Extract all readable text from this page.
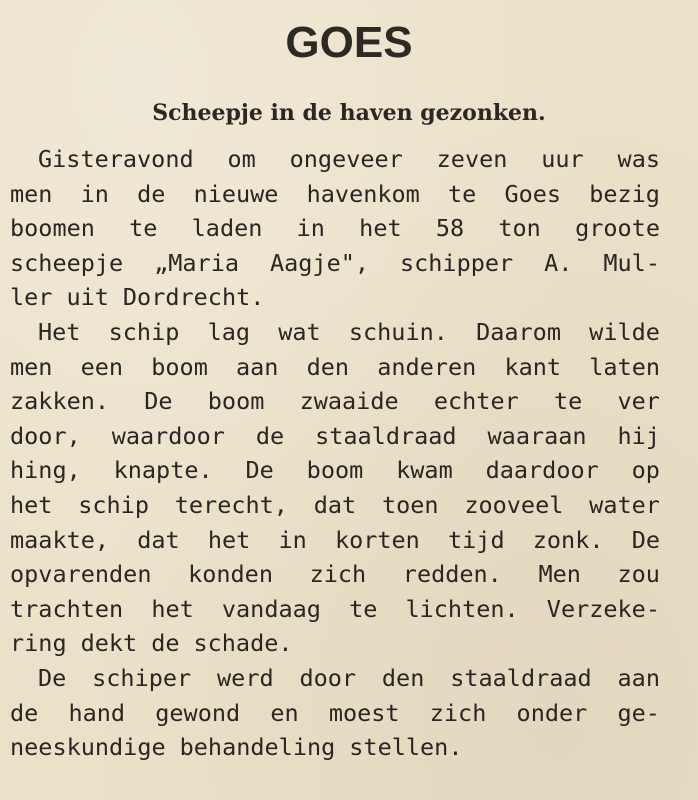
GOES
Scheepje in de haven gezonken.
Gisteravond om ongeveer zeven uur was
men in de nieuwe havenkom te Goes bezig
boomen te laden in het 58 ton groote
scheepje „Maria Aagje", schipper A. Mul-
ler uit Dordrecht.
Het schip lag wat schuin. Daarom wilde
men een boom aan den anderen kant laten
zakken. De boom zwaaide echter te ver
door, waardoor de staaldraad waaraan hij
hing, knapte. De boom kwam daardoor op
het schip terecht, dat toen zooveel water
maakte, dat het in korten tijd zonk. De
opvarenden konden zich redden. Men zou
trachten het vandaag te lichten. Verzeke-
ring dekt de schade.
De schiper werd door den staaldraad aan
de hand gewond en moest zich onder ge-
neeskundige behandeling stellen.
